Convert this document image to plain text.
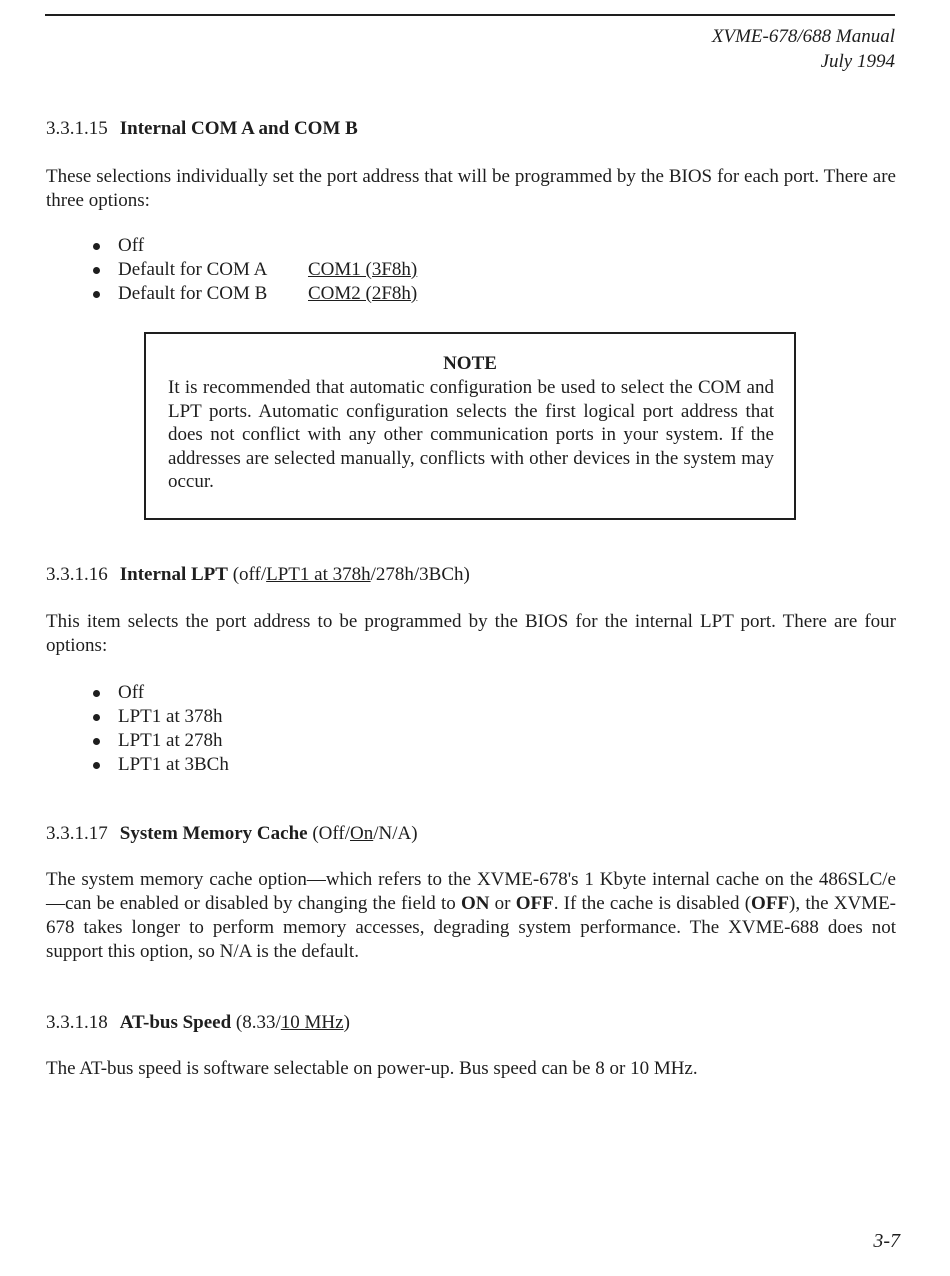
XVME-678/688 Manual
July 1994
3.3.1.15 Internal COM A and COM B
These selections individually set the port address that will be programmed by the BIOS for each port. There are three options:
Off
Default for COM A COM1 (3F8h)
Default for COM B COM2 (2F8h)
NOTE
It is recommended that automatic configuration be used to select the COM and LPT ports. Automatic configuration selects the first logical port address that does not conflict with any other communication ports in your system. If the addresses are selected manually, conflicts with other devices in the system may occur.
3.3.1.16 Internal LPT (off/LPT1 at 378h/278h/3BCh)
This item selects the port address to be programmed by the BIOS for the internal LPT port. There are four options:
Off
LPT1 at 378h
LPT1 at 278h
LPT1 at 3BCh
3.3.1.17 System Memory Cache (Off/On/N/A)
The system memory cache option—which refers to the XVME-678's 1 Kbyte internal cache on the 486SLC/e—can be enabled or disabled by changing the field to ON or OFF. If the cache is disabled (OFF), the XVME-678 takes longer to perform memory accesses, degrading system performance. The XVME-688 does not support this option, so N/A is the default.
3.3.1.18 AT-bus Speed (8.33/10 MHz)
The AT-bus speed is software selectable on power-up. Bus speed can be 8 or 10 MHz.
3-7
